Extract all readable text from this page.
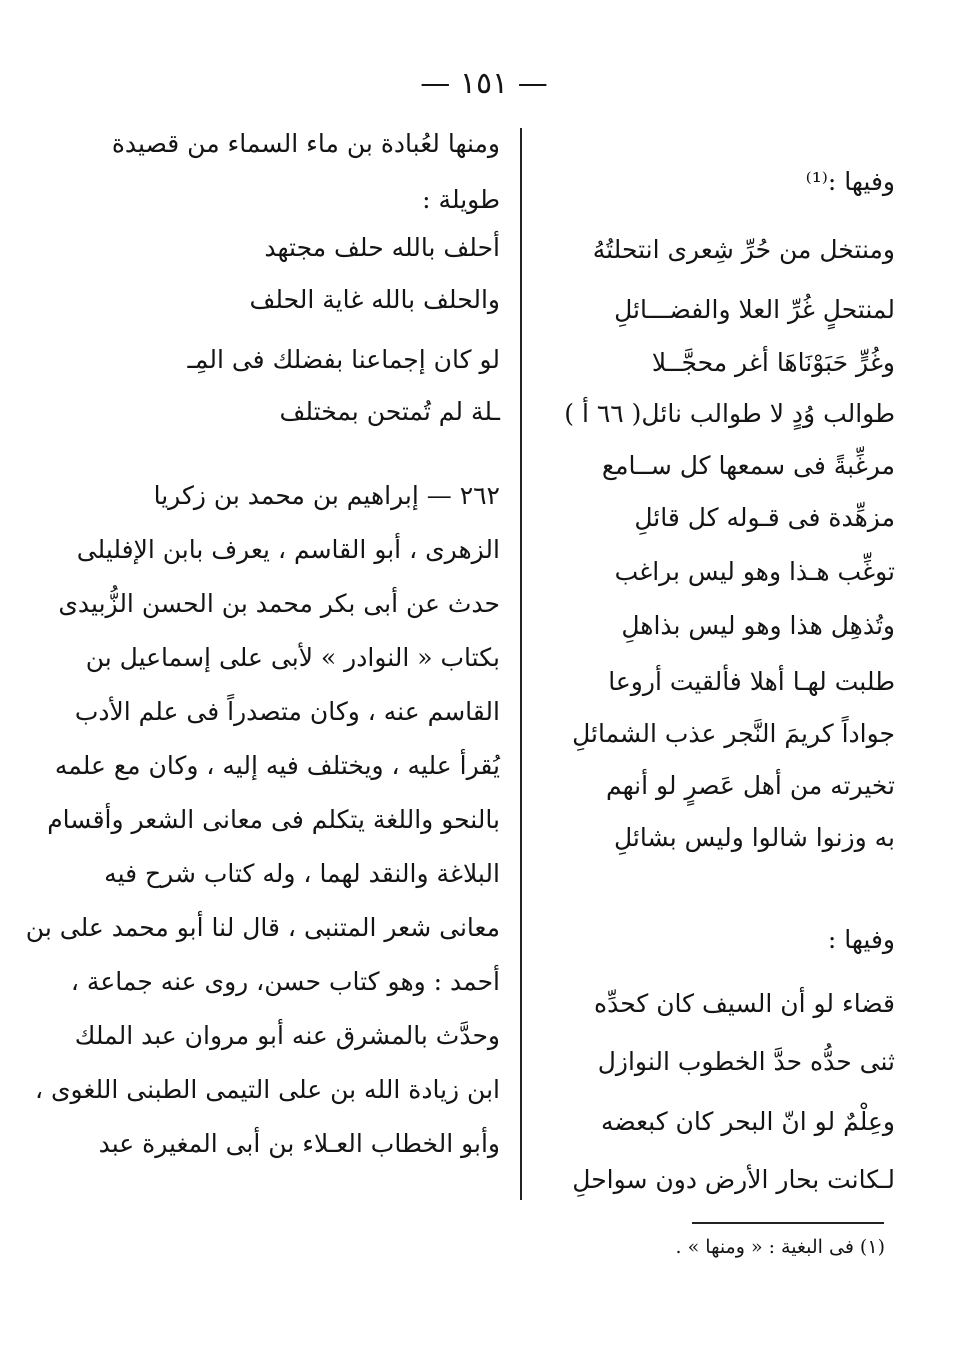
— ١٥١ —
وفيها :⁽¹⁾
ومنتخل من حُرِّ شِعرى انتحلتُهُ
لمنتحلٍ غُرِّ العلا والفضـــائلِ
وغُرٍّ حَبَوْنَاهَا أغر محجَّــلا
طوالب وُدٍ لا طوالب نائل( ٦٦ أ )
مرغِّبةً فى سمعها كل ســامع
مزهِّدة فى قـوله كل قائلِ
توغِّب هـذا وهو ليس براغب
وتُذهِل هذا وهو ليس بذاهلِ
طلبت لهـا أهلا فألقيت أروعا
جواداً كريمَ النَّجر عذب الشمائلِ
تخيرته من أهل عَصرٍ لو أنهم
به وزنوا شالوا وليس بشائلِ
وفيها :
قضاء لو أن السيف كان كحدِّه
ثنى حدُّه حدَّ الخطوب النوازل
وعِلْمٌ لو انّ البحر كان كبعضه
لـكانت بحار الأرض دون سواحلِ
ومنها لعُبادة بن ماء السماء من قصيدة
طويلة :
أحلف بالله حلف مجتهد
والحلف بالله غاية الحلف
لو كان إجماعنا بفضلك فى المِـ
ـلة لم تُمتحن بمختلف
٢٦٢ — إبراهيم بن محمد بن زكريا
الزهرى ، أبو القاسم ، يعرف بابن الإفليلى
حدث عن أبى بكر محمد بن الحسن الزُّبيدى
بكتاب « النوادر » لأبى على إسماعيل بن
القاسم عنه ، وكان متصدراً فى علم الأدب
يُقرأ عليه ، ويختلف فيه إليه ، وكان مع علمه
بالنحو واللغة يتكلم فى معانى الشعر وأقسام
البلاغة والنقد لهما ، وله كتاب شرح فيه
معانى شعر المتنبى ، قال لنا أبو محمد على بن
أحمد : وهو كتاب حسن، روى عنه جماعة ،
وحدَّث بالمشرق عنه أبو مروان عبد الملك
ابن زيادة الله بن على التيمى الطبنى اللغوى ،
وأبو الخطاب العـلاء بن أبى المغيرة عبد
(١) فى البغية : « ومنها » .
